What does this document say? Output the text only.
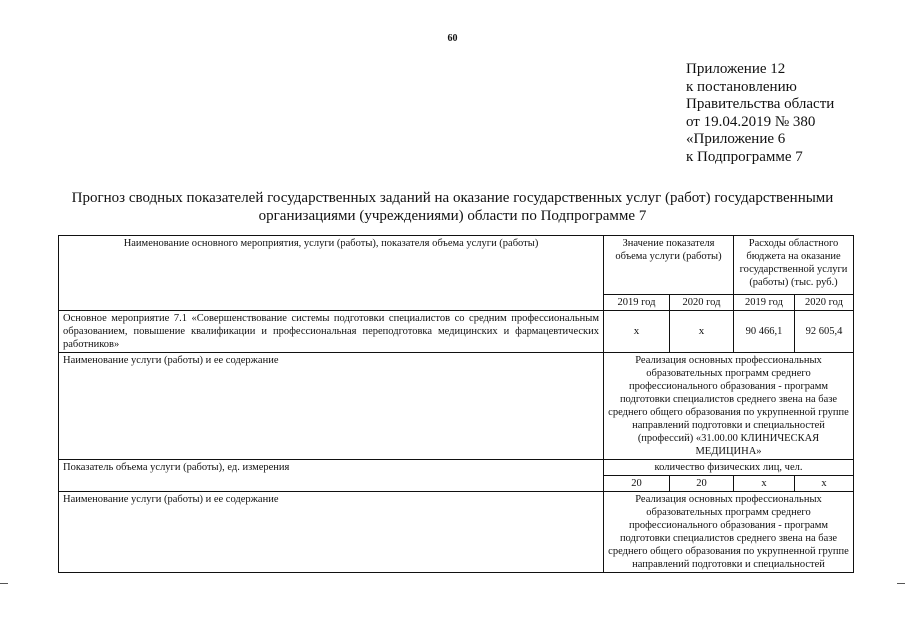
60
Приложение 12
к постановлению
Правительства области
от 19.04.2019 № 380
«Приложение 6
к Подпрограмме 7
Прогноз сводных показателей государственных заданий на оказание государственных услуг (работ) государственными организациями (учреждениями) области по Подпрограмме 7
Наименование основного мероприятия, услуги (работы), показателя объема услуги (работы)	Значение показателя объема услуги (работы)		Расходы областного бюджета на оказание государственной услуги (работы) (тыс. руб.)	
	2019 год	2020 год	2019 год	2020 год
Основное мероприятие 7.1 «Совершенствование системы подготовки специалистов со средним профессиональным образованием, повышение квалификации и профессиональная переподготовка медицинских и фармацевтических работников»	х	х	90 466,1	92 605,4
Наименование услуги (работы) и ее содержание	Реализация основных профессиональных образовательных программ среднего профессионального образования - программ подготовки специалистов среднего звена на базе среднего общего образования по укрупненной группе направлений подготовки и специальностей (профессий) «31.00.00 КЛИНИЧЕСКАЯ МЕДИЦИНА»			
Показатель объема услуги (работы), ед. измерения	количество физических лиц, чел.			
	20	20	х	х
Наименование услуги (работы) и ее содержание	Реализация основных профессиональных образовательных программ среднего профессионального образования - программ подготовки специалистов среднего звена на базе среднего общего образования по укрупненной группе направлений подготовки и специальностей			
